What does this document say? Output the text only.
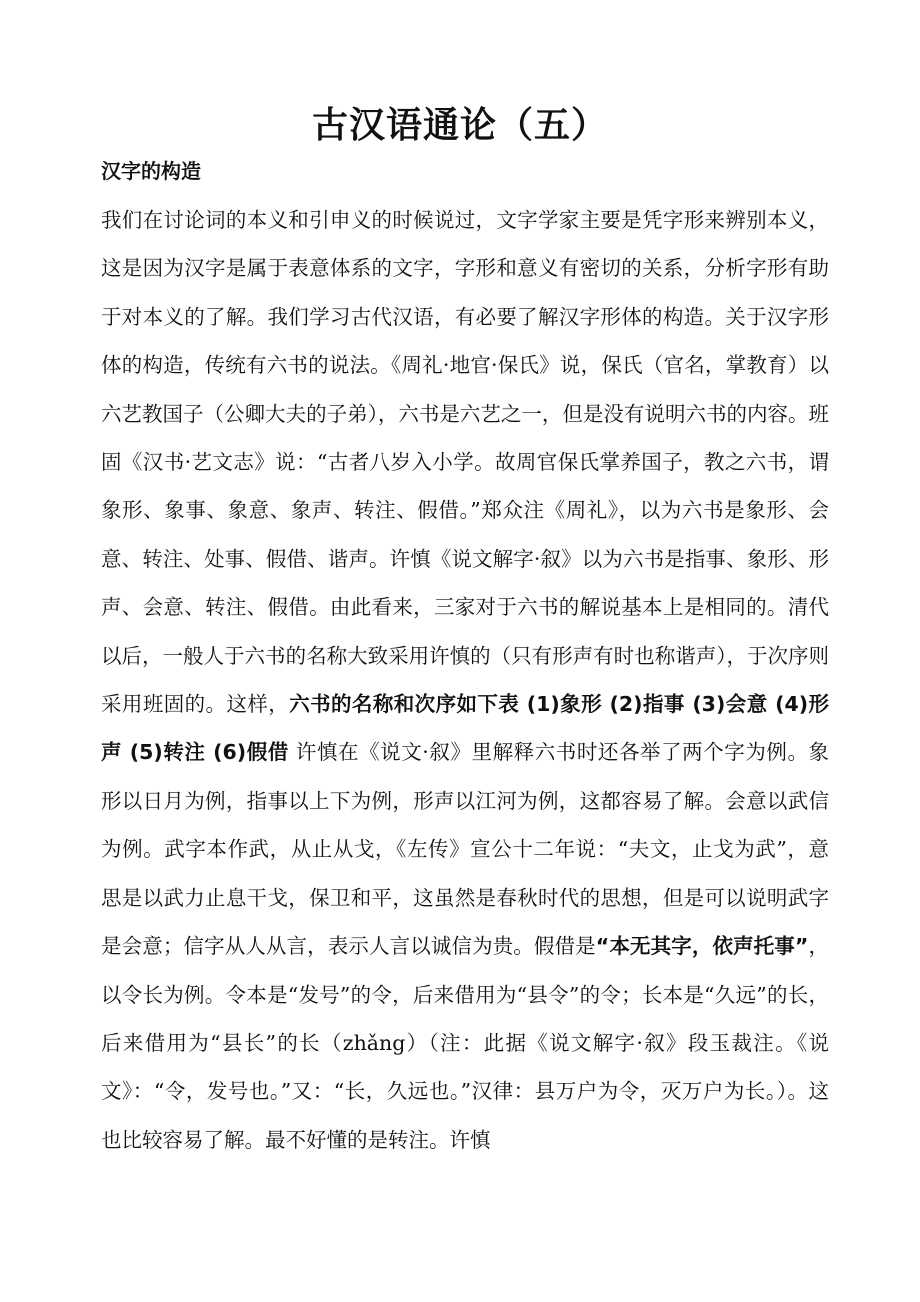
古汉语通论（五）
汉字的构造
我们在讨论词的本义和引申义的时候说过，文字学家主要是凭字形来辨别本义，这是因为汉字是属于表意体系的文字，字形和意义有密切的关系，分析字形有助于对本义的了解。我们学习古代汉语，有必要了解汉字形体的构造。关于汉字形体的构造，传统有六书的说法。《周礼·地官·保氏》说，保氏（官名，掌教育）以六艺教国子（公卿大夫的子弟），六书是六艺之一，但是没有说明六书的内容。班固《汉书·艺文志》说：“古者八岁入小学。故周官保氏掌养国子，教之六书，谓象形、象事、象意、象声、转注、假借。”郑众注《周礼》，以为六书是象形、会意、转注、处事、假借、谐声。许慎《说文解字·叙》以为六书是指事、象形、形声、会意、转注、假借。由此看来，三家对于六书的解说基本上是相同的。清代以后，一般人于六书的名称大致采用许慎的（只有形声有时也称谐声），于次序则采用班固的。这样，六书的名称和次序如下表 (1)象形 (2)指事 (3)会意 (4)形声 (5)转注 (6)假借 许慎在《说文·叙》里解释六书时还各举了两个字为例。象形以日月为例，指事以上下为例，形声以江河为例，这都容易了解。会意以武信为例。武字本作武，从止从戈，《左传》宣公十二年说：“夫文，止戈为武”，意思是以武力止息干戈，保卫和平，这虽然是春秋时代的思想，但是可以说明武字是会意；信字从人从言，表示人言以诚信为贵。假借是“本无其字，依声托事”，以令长为例。令本是“发号”的令，后来借用为“县令”的令；长本是“久远”的长，后来借用为“县长”的长（zhǎng）（注：此据《说文解字·叙》段玉裁注。《说文》：“令，发号也。”又：“长，久远也。”汉律：县万户为令，灭万户为长。）。这也比较容易了解。最不好懂的是转注。许慎
